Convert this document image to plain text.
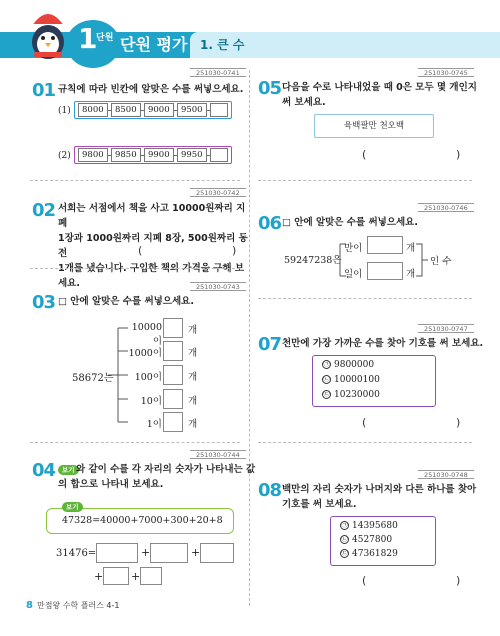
1
단원 단원 평가 1. 큰 수
251030-0741
01 규칙에 따라 빈칸에 알맞은 수를 써넣으세요.
(1)	8000	8500	9000	9500
(2)	9800	9850	9900	9950
251030-0742
02 서희는 서점에서 책을 사고 10000원짜리 지폐
1장과 1000원짜리 지폐 8장, 500원짜리 동전
1개를 냈습니다. 구입한 책의 가격을 구해 보세요.
(	)
251030-0743
03 □ 안에 알맞은 수를 써넣으세요.
58672는
10000이
개
1000이	개
100이	개
10이	개
1이	개
251030-0744
04	보기 와 같이 수를 각 자리의 숫자가 나타내는 값
의 합으로 나타내 보세요.
보기
47328=40000+7000+300+20+8
31476=	+	+
+	+
251030-0745
05 다음을 수로 나타내었을 때 0은 모두 몇 개인지
써 보세요.
육백팔만 천오백
(	)
251030-0746
06 □ 안에 알맞은 수를 써넣으세요.
59247238은
만이	개
일이	개
인 수
251030-0747
07 천만에 가장 가까운 수를 찾아 기호를 써 보세요.
㉠ 9800000
㉡ 10000100
㉢ 10230000
(	)
251030-0748
08 백만의 자리 숫자가 나머지와 다른 하나를 찾아
기호를 써 보세요.
㉠ 14395680
㉡ 4527800
㉢ 47361829
(	)
8 만점왕 수학 플러스 4-1
